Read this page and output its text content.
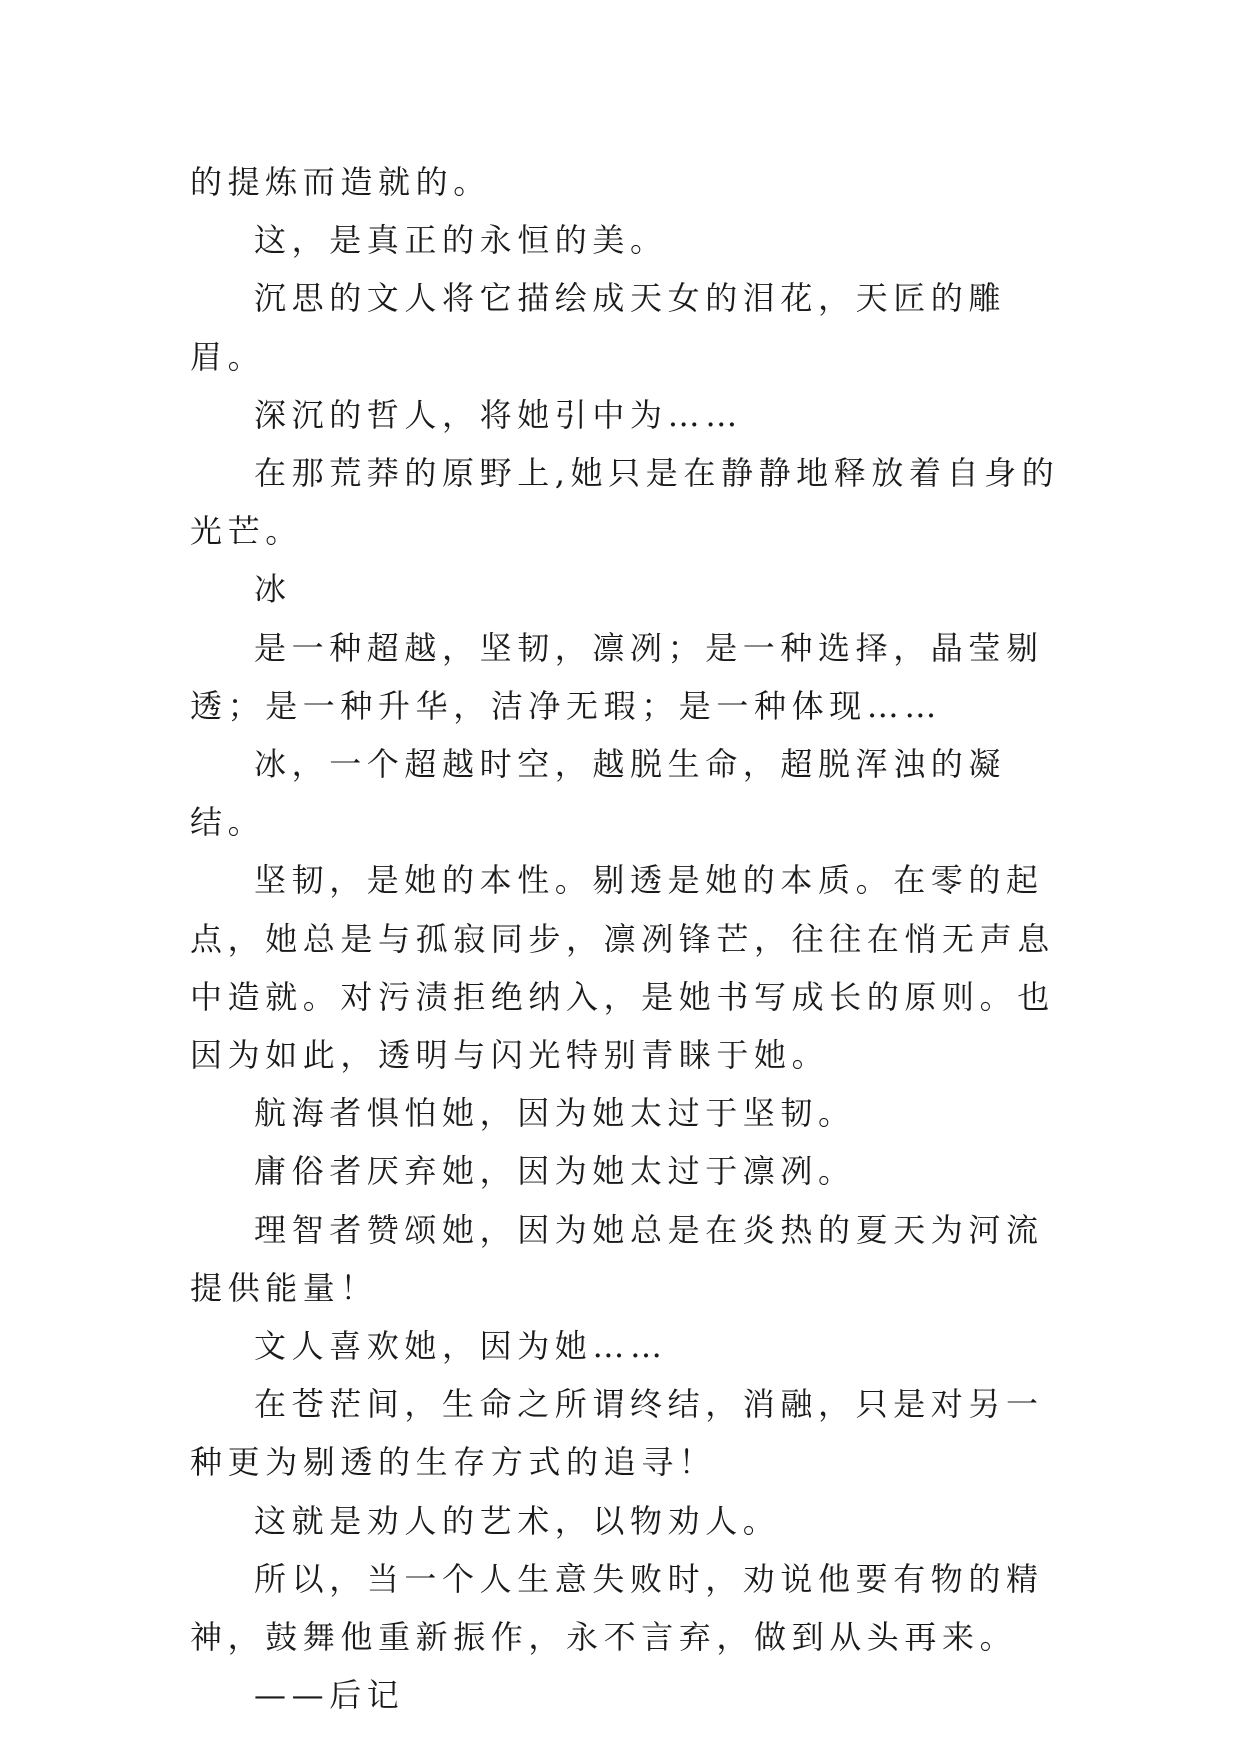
的提炼而造就的。

这，是真正的永恒的美。

沉思的文人将它描绘成天女的泪花，天匠的雕眉。

深沉的哲人，将她引中为……

在那荒莽的原野上,她只是在静静地释放着自身的光芒。

冰

是一种超越，坚韧，凛冽；是一种选择，晶莹剔透；是一种升华，洁净无瑕；是一种体现……

冰，一个超越时空，越脱生命，超脱浑浊的凝结。

坚韧，是她的本性。剔透是她的本质。在零的起点，她总是与孤寂同步，凛冽锋芒，往往在悄无声息中造就。对污渍拒绝纳入，是她书写成长的原则。也因为如此，透明与闪光特别青睐于她。

航海者惧怕她，因为她太过于坚韧。

庸俗者厌弃她，因为她太过于凛冽。

理智者赞颂她，因为她总是在炎热的夏天为河流提供能量！

文人喜欢她，因为她……

在苍茫间，生命之所谓终结，消融，只是对另一种更为剔透的生存方式的追寻！

这就是劝人的艺术，以物劝人。

所以，当一个人生意失败时，劝说他要有物的精神，鼓舞他重新振作，永不言弃，做到从头再来。

——后记
